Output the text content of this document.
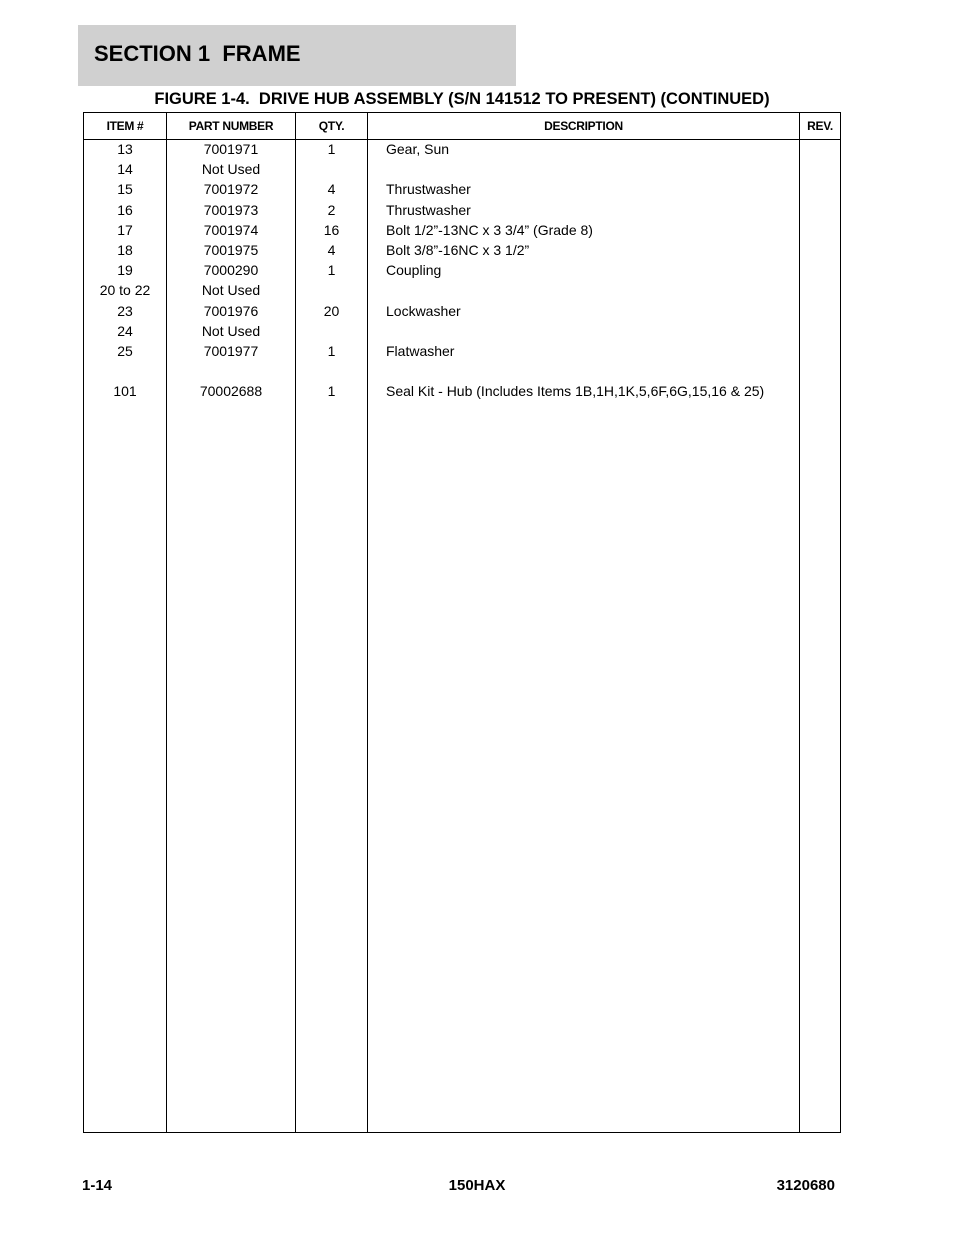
SECTION 1  FRAME
FIGURE 1-4.  DRIVE HUB ASSEMBLY (S/N 141512 TO PRESENT) (CONTINUED)
ITEM #	PART NUMBER	QTY.	DESCRIPTION	REV.
13	7001971	1	Gear, Sun
14	Not Used
15	7001972	4	Thrustwasher
16	7001973	2	Thrustwasher
17	7001974	16	Bolt 1/2”-13NC x 3 3/4” (Grade 8)
18	7001975	4	Bolt 3/8”-16NC x 3 1/2”
19	7000290	1	Coupling
20 to 22	Not Used
23	7001976	20	Lockwasher
24	Not Used
25	7001977	1	Flatwasher
101	70002688	1	Seal Kit - Hub (Includes Items 1B,1H,1K,5,6F,6G,15,16 & 25)
1-14	150HAX	3120680
